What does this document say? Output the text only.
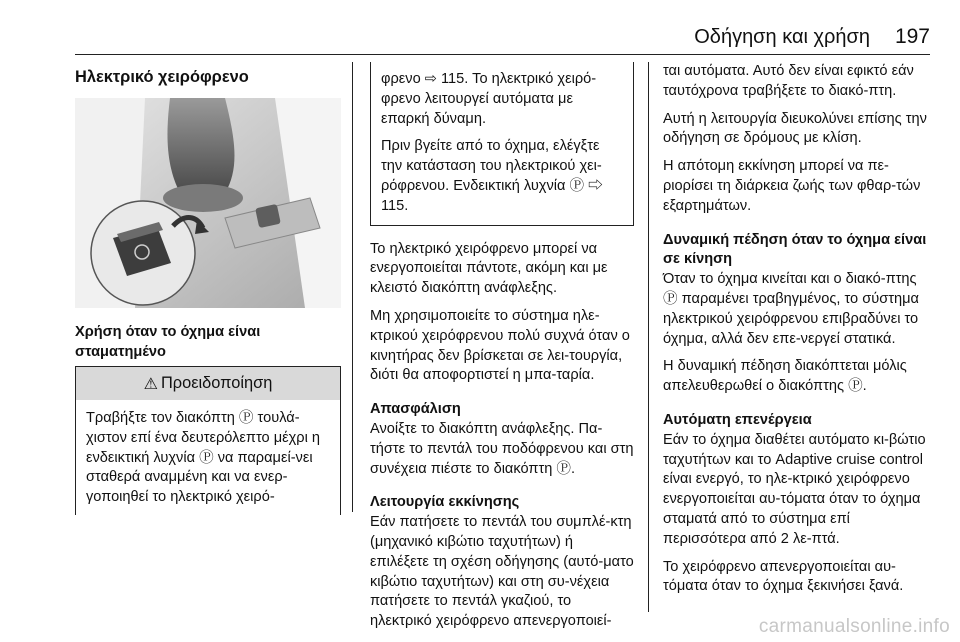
Οδήγηση και χρήση 197
Ηλεκτρικό χειρόφρενο
Χρήση όταν το όχημα είναι σταματημένο
⚠ Προειδοποίηση
Τραβήξτε τον διακόπτη Ⓟ τουλά-χιστον επί ένα δευτερόλεπτο μέχρι η ενδεικτική λυχνία Ⓟ να παραμεί-νει σταθερά αναμμένη και να ενερ-γοποιηθεί το ηλεκτρικό χειρό-

φρενο ⇨ 115. Το ηλεκτρικό χειρό-φρενο λειτουργεί αυτόματα με επαρκή δύναμη.

Πριν βγείτε από το όχημα, ελέγξτε την κατάσταση του ηλεκτρικού χει-ρόφρενου. Ενδεικτική λυχνία Ⓟ ⇨ 115.

Το ηλεκτρικό χειρόφρενο μπορεί να ενεργοποιείται πάντοτε, ακόμη και με κλειστό διακόπτη ανάφλεξης.

Μη χρησιμοποιείτε το σύστημα ηλε-κτρικού χειρόφρενου πολύ συχνά όταν ο κινητήρας δεν βρίσκεται σε λει-τουργία, διότι θα αποφορτιστεί η μπα-ταρία.

Απασφάλιση

Ανοίξτε το διακόπτη ανάφλεξης. Πα-τήστε το πεντάλ του ποδόφρενου και στη συνέχεια πιέστε το διακόπτη Ⓟ.

Λειτουργία εκκίνησης

Εάν πατήσετε το πεντάλ του συμπλέ-κτη (μηχανικό κιβώτιο ταχυτήτων) ή επιλέξετε τη σχέση οδήγησης (αυτό-ματο κιβώτιο ταχυτήτων) και στη συ-νέχεια πατήσετε το πεντάλ γκαζιού, το ηλεκτρικό χειρόφρενο απενεργοποιεί-

ται αυτόματα. Αυτό δεν είναι εφικτό εάν ταυτόχρονα τραβήξετε το διακό-πτη.

Αυτή η λειτουργία διευκολύνει επίσης την οδήγηση σε δρόμους με κλίση.

Η απότομη εκκίνηση μπορεί να πε-ριορίσει τη διάρκεια ζωής των φθαρ-τών εξαρτημάτων.

Δυναμική πέδηση όταν το όχημα είναι σε κίνηση

Όταν το όχημα κινείται και ο διακό-πτης Ⓟ παραμένει τραβηγμένος, το σύστημα ηλεκτρικού χειρόφρενου επιβραδύνει το όχημα, αλλά δεν επε-νεργεί στατικά.

Η δυναμική πέδηση διακόπτεται μόλις απελευθερωθεί ο διακόπτης Ⓟ.

Αυτόματη επενέργεια

Εάν το όχημα διαθέτει αυτόματο κι-βώτιο ταχυτήτων και το Adaptive cruise control είναι ενεργό, το ηλε-κτρικό χειρόφρενο ενεργοποιείται αυ-τόματα όταν το όχημα σταματά από το σύστημα επί περισσότερα από 2 λε-πτά.

Το χειρόφρενο απενεργοποιείται αυ-τόματα όταν το όχημα ξεκινήσει ξανά.

carmanualsonline.info
